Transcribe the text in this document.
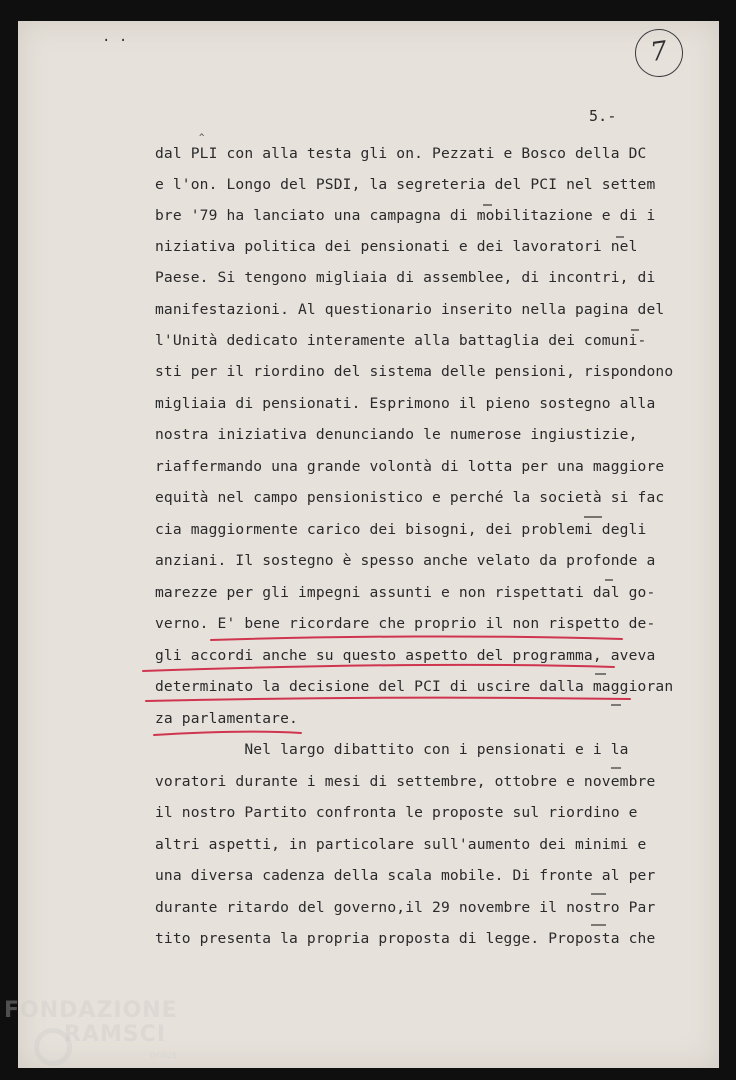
. .	7
5.-
^
dal PLI con alla testa gli on. Pezzati e Bosco della DC
e l'on. Longo del PSDI, la segreteria del PCI nel settem
bre '79 ha lanciato una campagna di mobilitazione e di i
niziativa politica dei pensionati e dei lavoratori nel
Paese. Si tengono migliaia di assemblee, di incontri, di
manifestazioni. Al questionario inserito nella pagina del
l'Unità dedicato interamente alla battaglia dei comuni-
sti per il riordino del sistema delle pensioni, rispondono
migliaia di pensionati. Esprimono il pieno sostegno alla
nostra iniziativa denunciando le numerose ingiustizie,
riaffermando una grande volontà di lotta per una maggiore
equità nel campo pensionistico e perché la società si fac
cia maggiormente carico dei bisogni, dei problemi degli
anziani. Il sostegno è spesso anche velato da profonde a
marezze per gli impegni assunti e non rispettati dal go-
verno. E' bene ricordare che proprio il non rispetto de-
gli accordi anche su questo aspetto del programma, aveva
determinato la decisione del PCI di uscire dalla maggioran
za parlamentare.
Nel largo dibattito con i pensionati e i la
voratori durante i mesi di settembre, ottobre e novembre
il nostro Partito confronta le proposte sul riordino e
altri aspetti, in particolare sull'aumento dei minimi e
una diversa cadenza della scala mobile. Di fronte al per
durante ritardo del governo,il 29 novembre il nostro Par
tito presenta la propria proposta di legge. Proposta che
FONDAZIONE
RAMSCI
onlus
